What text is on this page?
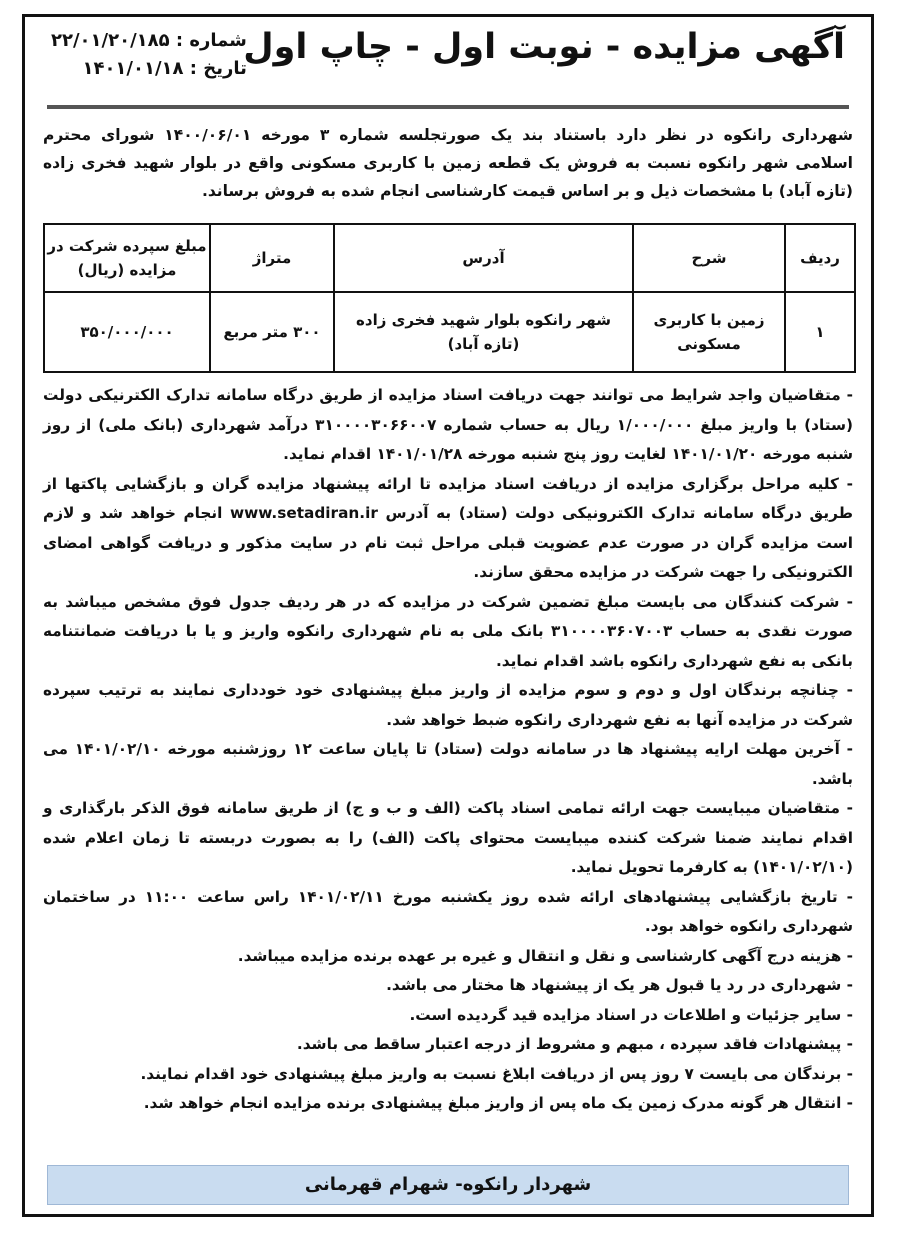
آگهی مزایده - نوبت اول - چاپ اول
شماره : ۲۲/۰۱/۲۰/۱۸۵
تاریخ : ۱۴۰۱/۰۱/۱۸
شهرداری رانکوه در نظر دارد باستناد بند یک صورتجلسه شماره ۳ مورخه ۱۴۰۰/۰۶/۰۱ شورای محترم اسلامی شهر رانکوه نسبت به فروش یک قطعه زمین با کاربری مسکونی واقع در بلوار شهید فخری زاده (تازه آباد) با مشخصات ذیل و بر اساس قیمت کارشناسی انجام شده به فروش برساند.
ردیف	شرح	آدرس	متراژ	مبلغ سپرده شرکت در مزایده (ریال)
۱	زمین با کاربری مسکونی	شهر رانکوه بلوار شهید فخری زاده (تازه آباد)	۳۰۰ متر مربع	۳۵۰/۰۰۰/۰۰۰

- متقاضیان واجد شرایط می توانند جهت دریافت اسناد مزایده از طریق درگاه سامانه تدارک الکترنیکی دولت (ستاد) با واریز مبلغ ۱/۰۰۰/۰۰۰ ریال به حساب شماره ۳۱۰۰۰۰۳۰۶۶۰۰۷ درآمد شهرداری (بانک ملی) از روز شنبه مورخه ۱۴۰۱/۰۱/۲۰ لغایت روز پنج شنبه مورخه ۱۴۰۱/۰۱/۲۸ اقدام نماید.

- کلیه مراحل برگزاری مزایده از دریافت اسناد مزایده تا ارائه پیشنهاد مزایده گران و بازگشایی پاکتها از طریق درگاه سامانه تدارک الکترونیکی دولت (ستاد) به آدرس www.setadiran.ir انجام خواهد شد و لازم است مزایده گران در صورت عدم عضویت قبلی مراحل ثبت نام در سایت مذکور و دریافت گواهی امضای الکترونیکی را جهت شرکت در مزایده محقق سازند.

- شرکت کنندگان می بایست مبلغ تضمین شرکت در مزایده که در هر ردیف جدول فوق مشخص میباشد به صورت نقدی به حساب ۳۱۰۰۰۰۳۶۰۷۰۰۳ بانک ملی به نام شهرداری رانکوه واریز و یا با دریافت ضمانتنامه بانکی به نفع شهرداری رانکوه باشد اقدام نماید.

- چنانچه برندگان اول و دوم و سوم مزایده از واریز مبلغ پیشنهادی خود خودداری نمایند به ترتیب سپرده شرکت در مزایده آنها به نفع شهرداری رانکوه ضبط خواهد شد.

- آخرین مهلت ارایه پیشنهاد ها در سامانه دولت (ستاد) تا پایان ساعت ۱۲ روزشنبه مورخه ۱۴۰۱/۰۲/۱۰ می باشد.

- متقاضیان میبایست جهت ارائه تمامی اسناد پاکت (الف و ب و ج) از طریق سامانه فوق الذکر بارگذاری و اقدام نمایند ضمنا شرکت کننده میبایست محتوای پاکت (الف) را به بصورت دربسته تا زمان اعلام شده (۱۴۰۱/۰۲/۱۰) به کارفرما تحویل نماید.

- تاریخ بازگشایی پیشنهادهای ارائه شده روز یکشنبه مورخ ۱۴۰۱/۰۲/۱۱ راس ساعت ۱۱:۰۰ در ساختمان شهرداری رانکوه خواهد بود.

- هزینه درج آگهی کارشناسی و نقل و انتقال و غیره بر عهده برنده مزایده میباشد.

- شهرداری در رد یا قبول هر یک از پیشنهاد ها مختار می باشد.

- سایر جزئیات و اطلاعات در اسناد مزایده قید گردیده است.

- پیشنهادات فاقد سپرده ، مبهم و مشروط از درجه اعتبار ساقط می باشد.

- برندگان می بایست ۷ روز پس از دریافت ابلاغ نسبت به واریز مبلغ پیشنهادی خود اقدام نمایند.

- انتقال هر گونه مدرک زمین یک ماه پس از واریز مبلغ پیشنهادی برنده مزایده انجام خواهد شد.

شهردار رانکوه- شهرام قهرمانی
